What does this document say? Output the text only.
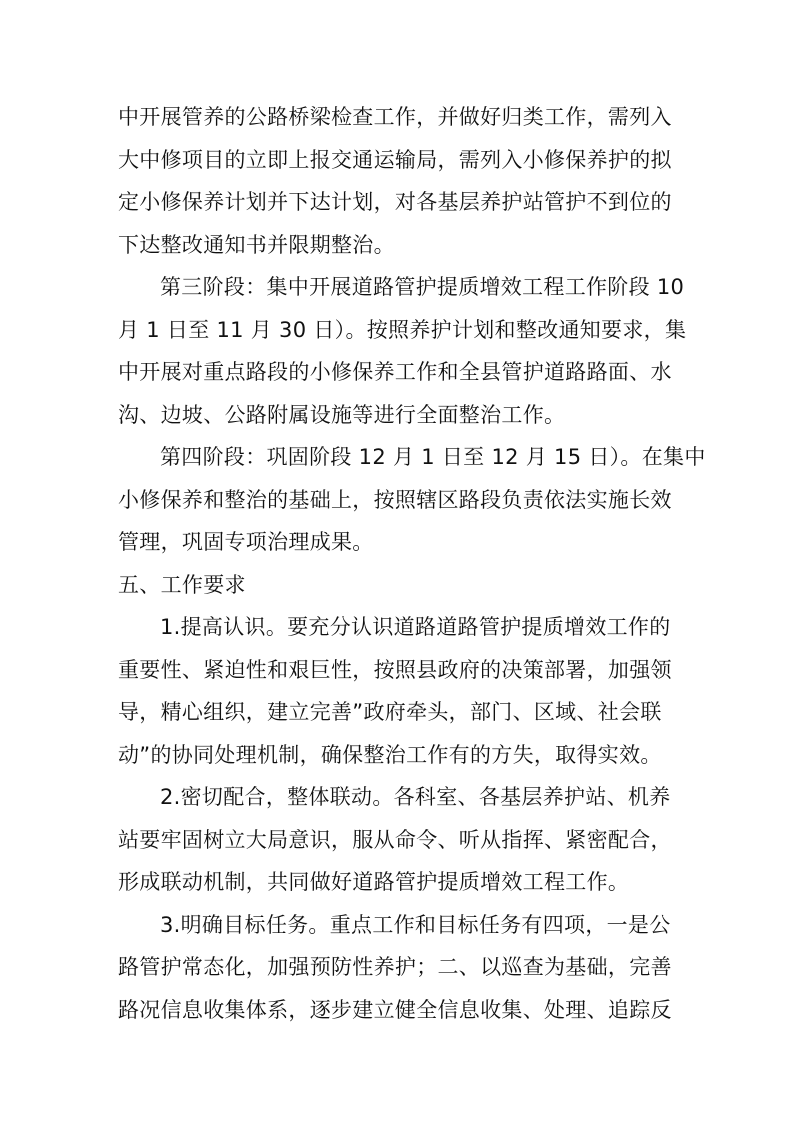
中开展管养的公路桥梁检查工作，并做好归类工作，需列入
大中修项目的立即上报交通运输局，需列入小修保养护的拟
定小修保养计划并下达计划，对各基层养护站管护不到位的
下达整改通知书并限期整治。
第三阶段：集中开展道路管护提质增效工程工作阶段 10
月 1 日至 11 月 30 日）。按照养护计划和整改通知要求，集
中开展对重点路段的小修保养工作和全县管护道路路面、水
沟、边坡、公路附属设施等进行全面整治工作。
第四阶段：巩固阶段 12 月 1 日至 12 月 15 日）。在集中
小修保养和整治的基础上，按照辖区路段负责依法实施长效
管理，巩固专项治理成果。
五、工作要求
1.提高认识。要充分认识道路道路管护提质增效工作的
重要性、紧迫性和艰巨性，按照县政府的决策部署，加强领
导，精心组织，建立完善”政府牵头，部门、区域、社会联
动”的协同处理机制，确保整治工作有的方失，取得实效。
2.密切配合，整体联动。各科室、各基层养护站、机养
站要牢固树立大局意识，服从命令、听从指挥、紧密配合，
形成联动机制，共同做好道路管护提质增效工程工作。
3.明确目标任务。重点工作和目标任务有四项，一是公
路管护常态化，加强预防性养护；二、以巡查为基础，完善
路况信息收集体系，逐步建立健全信息收集、处理、追踪反
